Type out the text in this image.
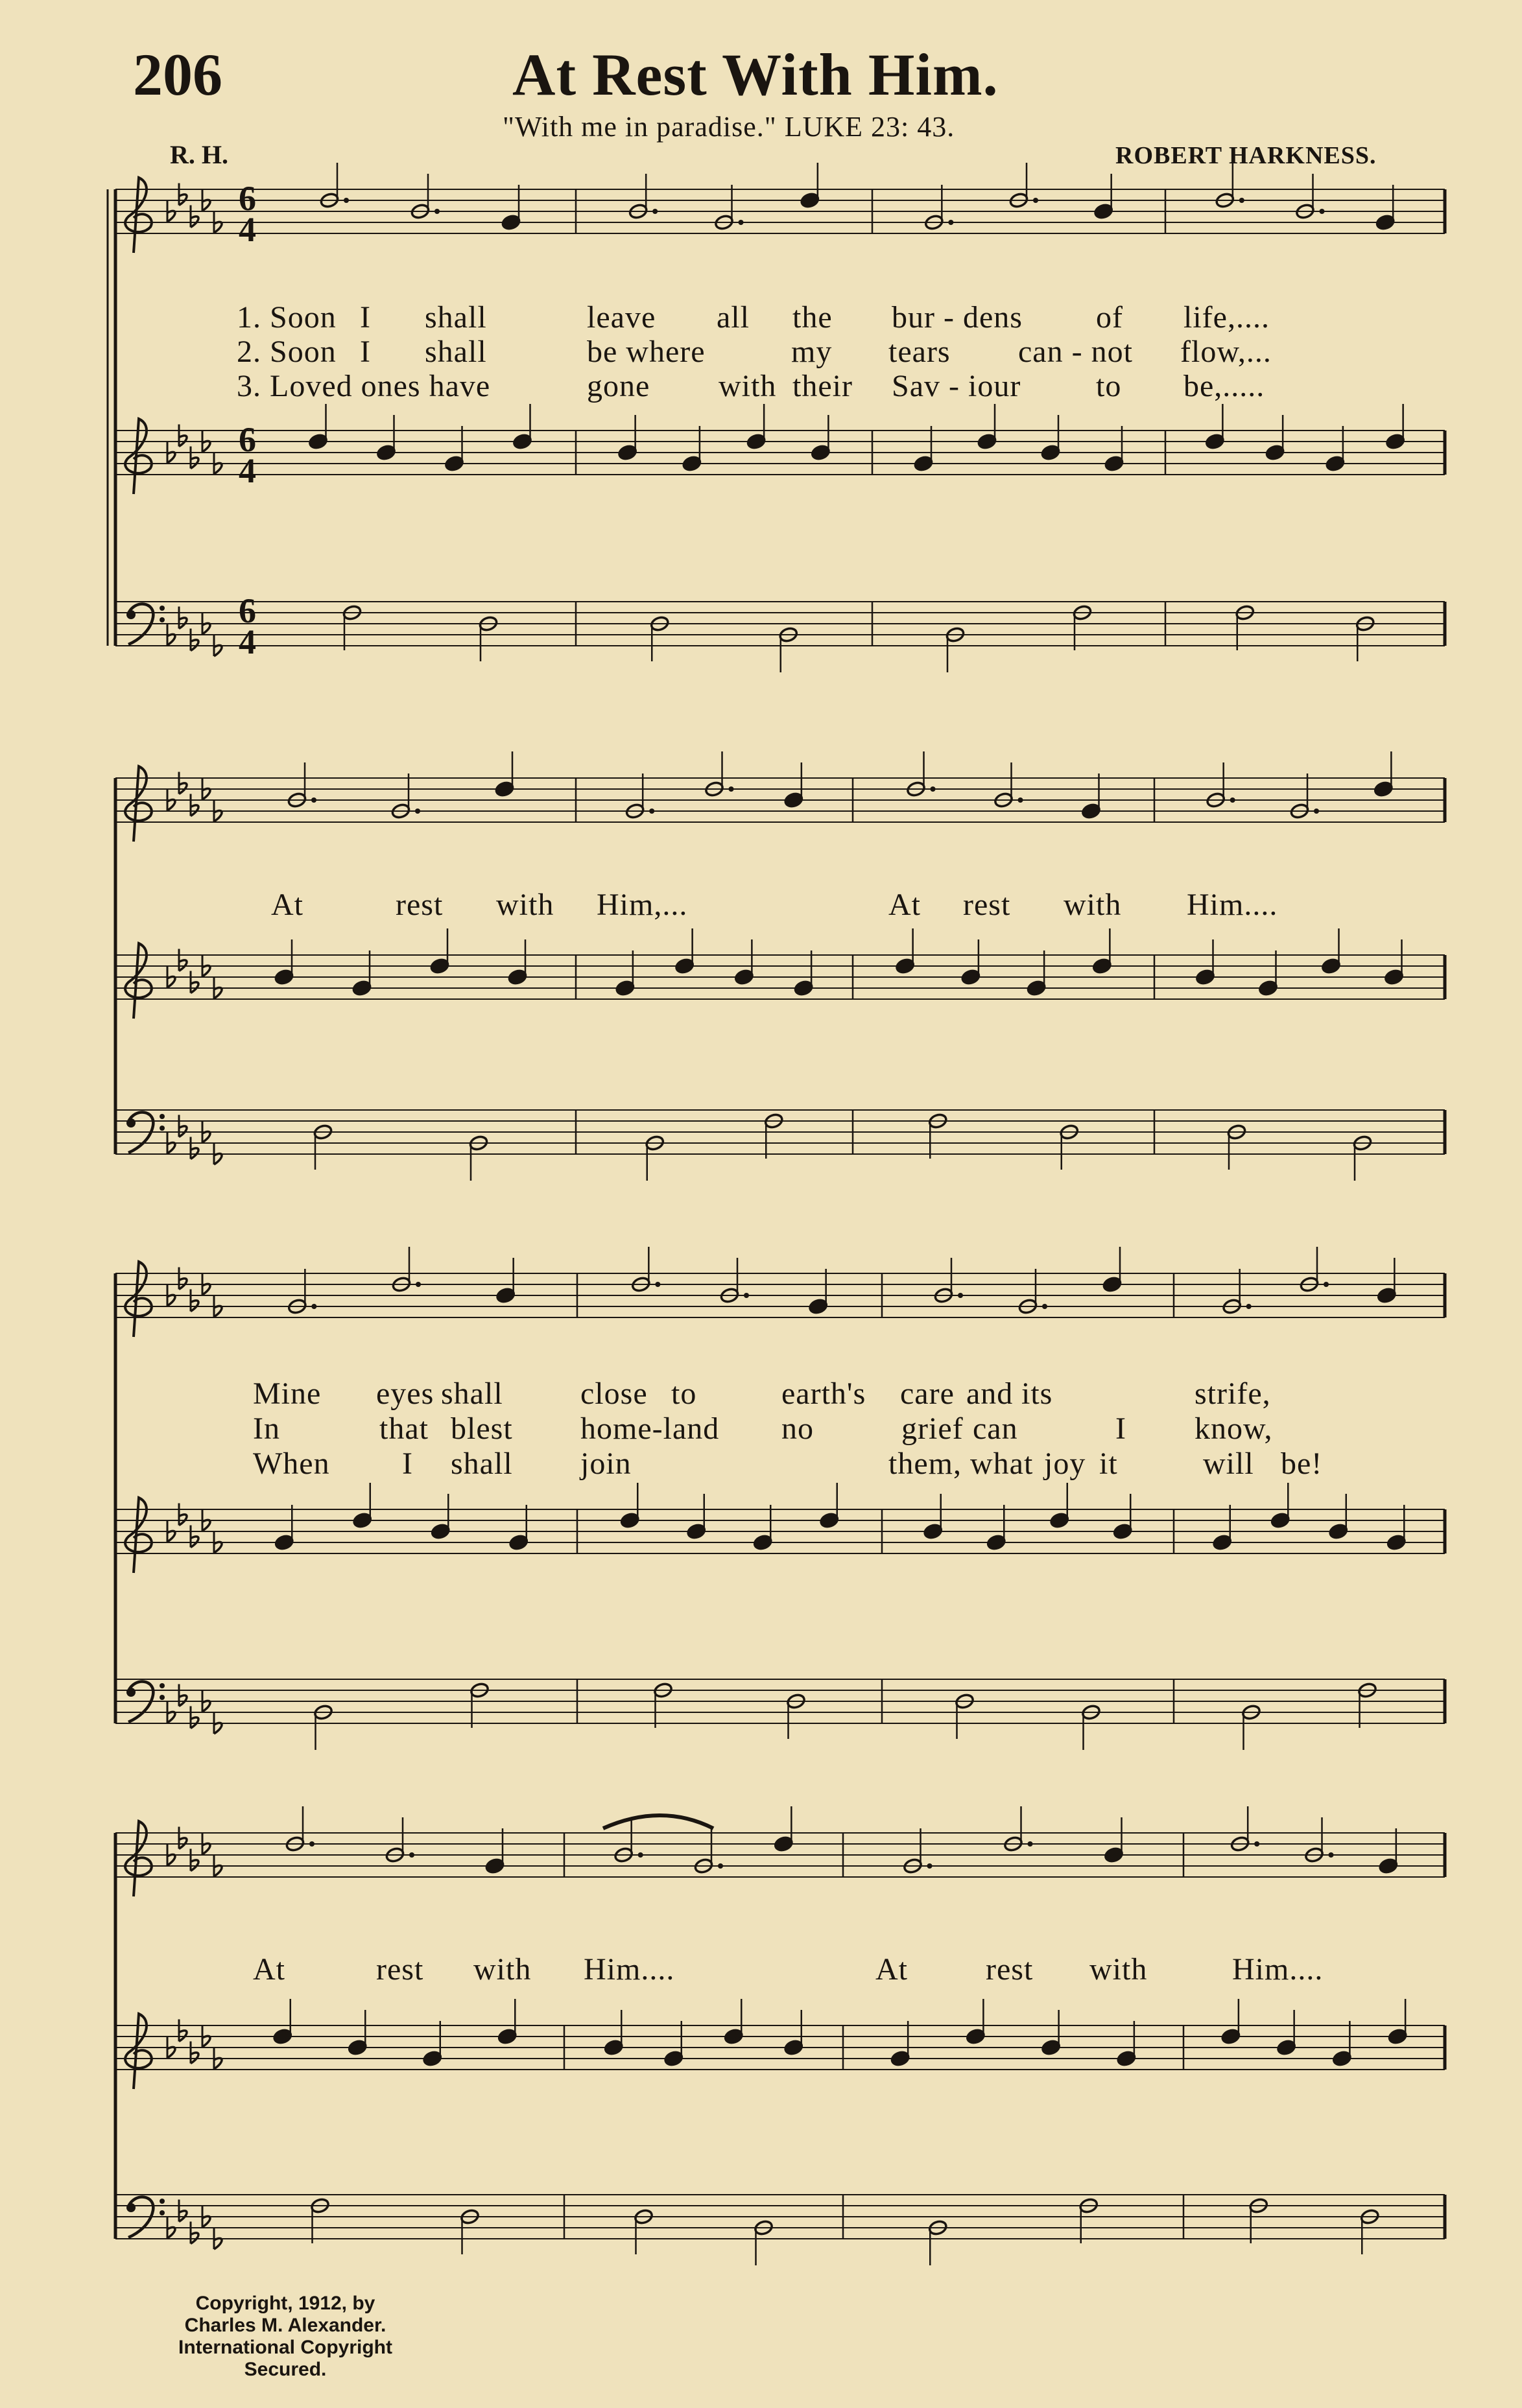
206	At Rest With Him.
"With me in paradise." LUKE 23: 43.
R. H.	ROBERT HARKNESS.
6
4
6
4
6
4
1. Soon I shall	leave all the bur - dens of life,....
2. Soon I shall	be where	my tears can - not flow,...
3. Loved ones have	gone with their Sav - iour to be,.....
At	rest with Him,...	At rest with Him....
Mine eyes shall close to	earth's care and its	strife,
In	that blest home-land no	grief can	I know,
When I shall join	them, what joy it	will be!
At	rest with Him....	At	rest with	Him....
Copyright, 1912, by
Charles M. Alexander.
International Copyright Secured.
